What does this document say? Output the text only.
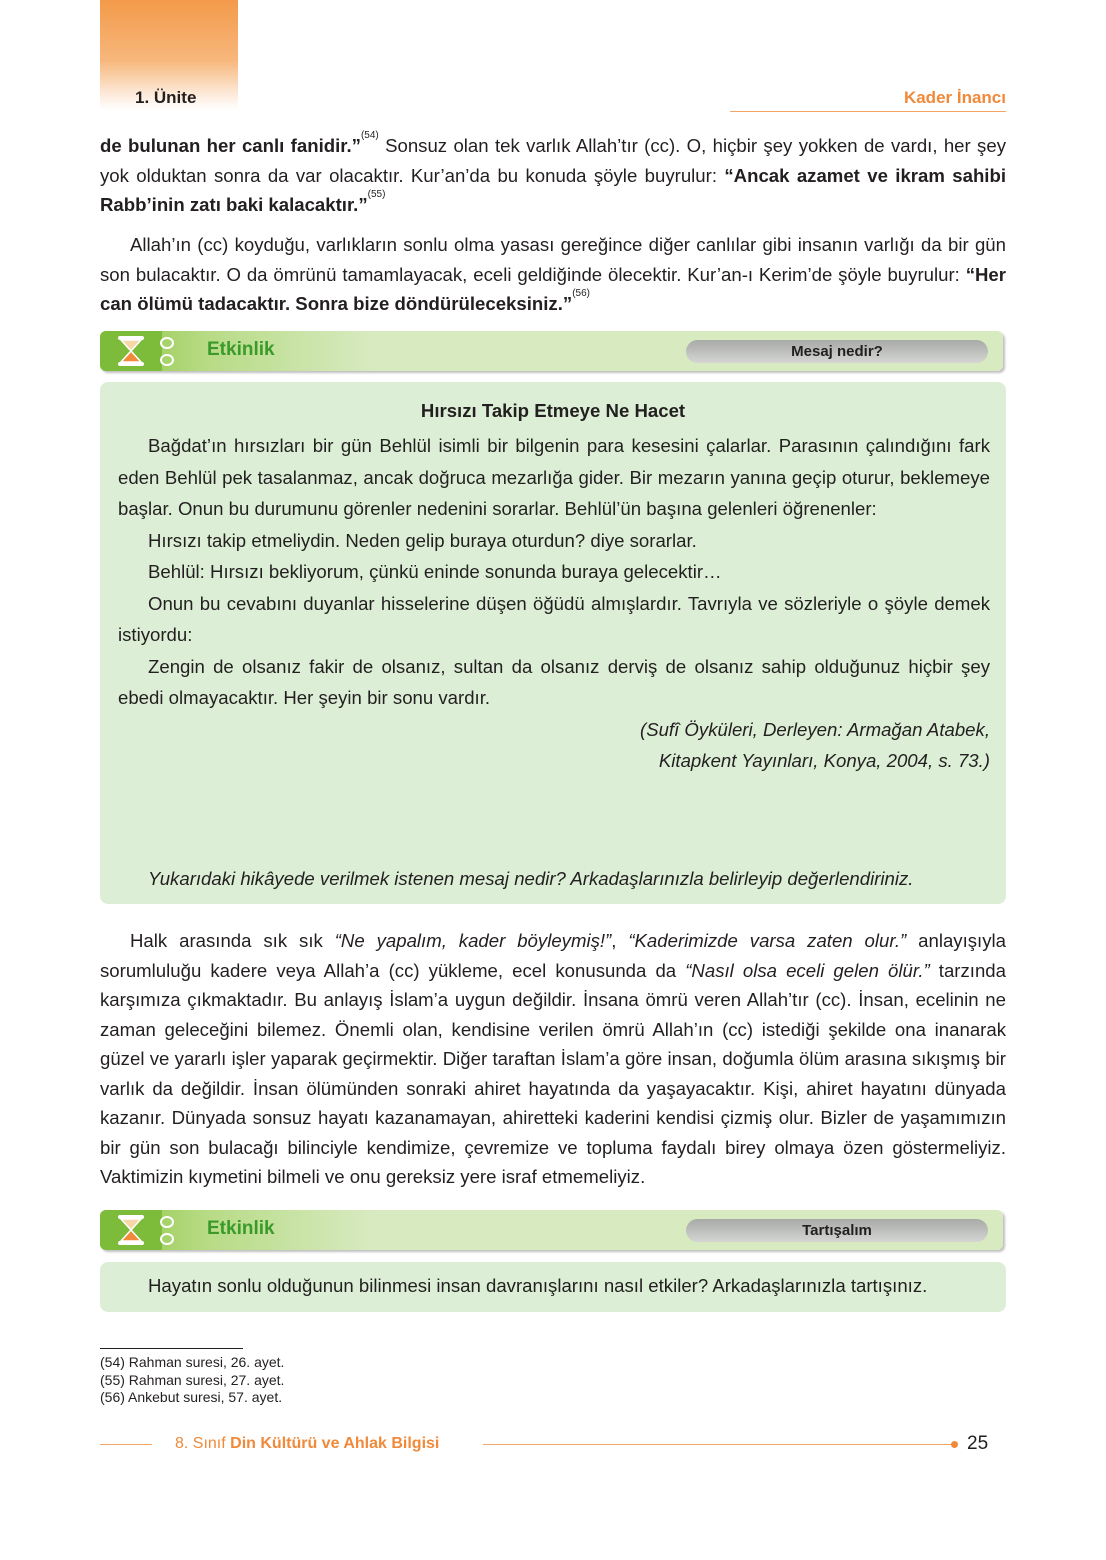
1. Ünite	Kader İnancı

de bulunan her canlı fanidir.”$^{(54)}$ Sonsuz olan tek varlık Allah’tır (cc). O, hiçbir şey yokken de vardı, her şey yok olduktan sonra da var olacaktır. Kur’an’da bu konuda şöyle buyrulur: “Ancak azamet ve ikram sahibi Rabb’inin zatı baki kalacaktır.”$^{(55)}$

Allah’ın (cc) koyduğu, varlıkların sonlu olma yasası gereğince diğer canlılar gibi insanın varlığı da bir gün son bulacaktır. O da ömrünü tamamlayacak, eceli geldiğinde ölecektir. Kur’an-ı Kerim’de şöyle buyrulur: “Her can ölümü tadacaktır. Sonra bize döndürüleceksiniz.”$^{(56)}$

Etkinlik	Mesaj nedir?
Hırsızı Takip Etmeye Ne Hacet

Bağdat’ın hırsızları bir gün Behlül isimli bir bilgenin para kesesini çalarlar. Parasının çalındığını fark eden Behlül pek tasalanmaz, ancak doğruca mezarlığa gider. Bir mezarın yanına geçip oturur, beklemeye başlar. Onun bu durumunu görenler nedenini sorarlar. Behlül’ün başına gelenleri öğrenenler:

Hırsızı takip etmeliydin. Neden gelip buraya oturdun? diye sorarlar.

Behlül: Hırsızı bekliyorum, çünkü eninde sonunda buraya gelecektir…

Onun bu cevabını duyanlar hisselerine düşen öğüdü almışlardır. Tavrıyla ve sözleriyle o şöyle demek istiyordu:

Zengin de olsanız fakir de olsanız, sultan da olsanız derviş de olsanız sahip olduğunuz hiçbir şey ebedi olmayacaktır. Her şeyin bir sonu vardır.

(Sufî Öyküleri, Derleyen: Armağan Atabek,

Kitapkent Yayınları, Konya, 2004, s. 73.)

Yukarıdaki hikâyede verilmek istenen mesaj nedir? Arkadaşlarınızla belirleyip değerlendiriniz.

Halk arasında sık sık “Ne yapalım, kader böyleymiş!”, “Kaderimizde varsa zaten olur.” anlayışıyla sorumluluğu kadere veya Allah’a (cc) yükleme, ecel konusunda da “Nasıl olsa eceli gelen ölür.” tarzında karşımıza çıkmaktadır. Bu anlayış İslam’a uygun değildir. İnsana ömrü veren Allah’tır (cc). İnsan, ecelinin ne zaman geleceğini bilemez. Önemli olan, kendisine verilen ömrü Allah’ın (cc) istediği şekilde ona inanarak güzel ve yararlı işler yaparak geçirmektir. Diğer taraftan İslam’a göre insan, doğumla ölüm arasına sıkışmış bir varlık da değildir. İnsan ölümünden sonraki ahiret hayatında da yaşayacaktır. Kişi, ahiret hayatını dünyada kazanır. Dünyada sonsuz hayatı kazanamayan, ahiretteki kaderini kendisi çizmiş olur. Bizler de yaşamımızın bir gün son bulacağı bilinciyle kendimize, çevremize ve topluma faydalı birey olmaya özen göstermeliyiz. Vaktimizin kıymetini bilmeli ve onu gereksiz yere israf etmemeliyiz.

Etkinlik	Tartışalım
Hayatın sonlu olduğunun bilinmesi insan davranışlarını nasıl etkiler? Arkadaşlarınızla tartışınız.
(54) Rahman suresi, 26. ayet.
(55) Rahman suresi, 27. ayet.
(56) Ankebut suresi, 57. ayet.
8. Sınıf Din Kültürü ve Ahlak Bilgisi	25
